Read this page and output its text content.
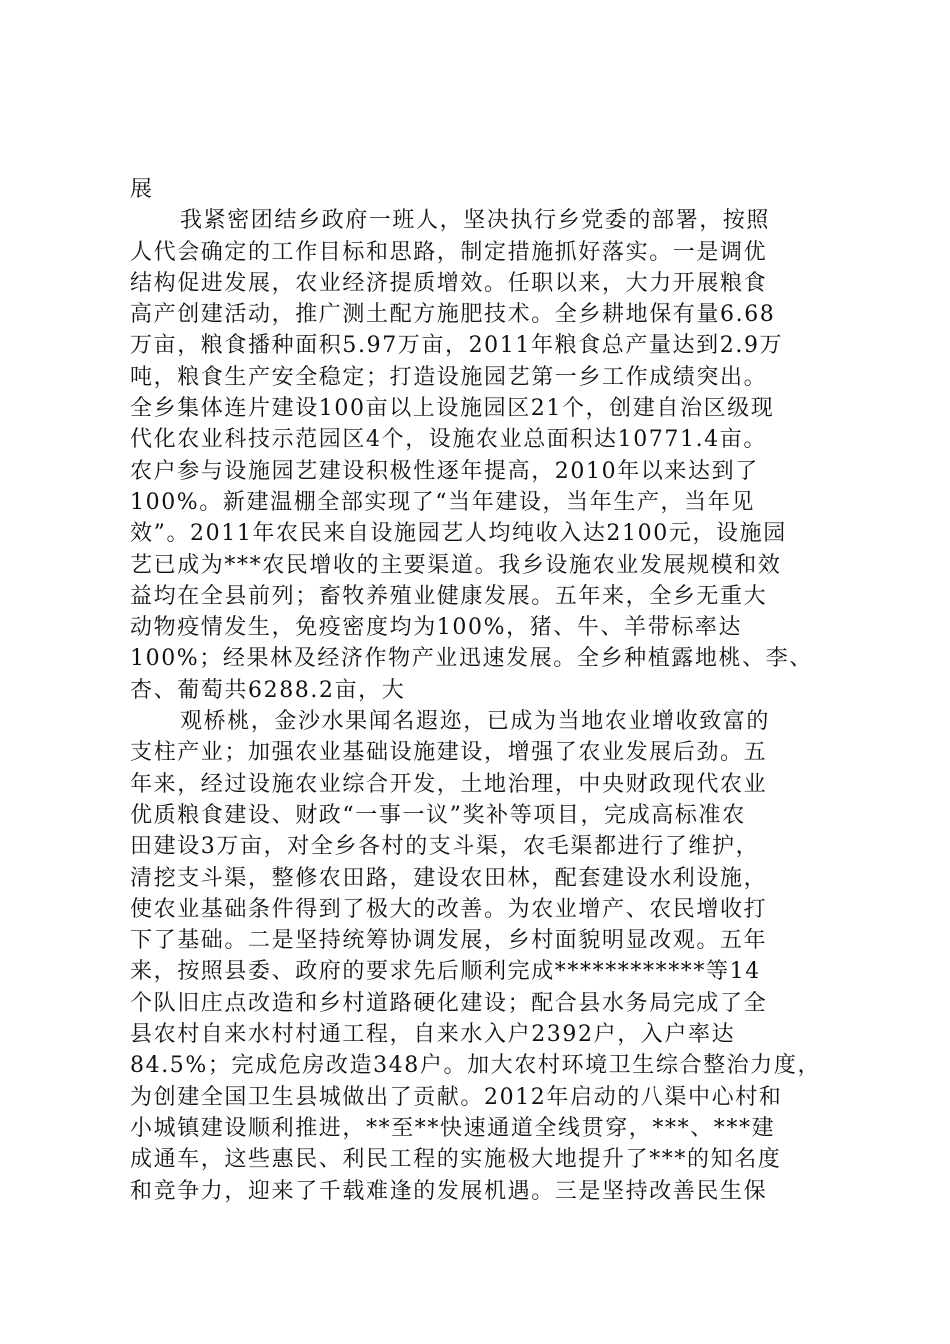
展
我紧密团结乡政府一班人，坚决执行乡党委的部署，按照
人代会确定的工作目标和思路，制定措施抓好落实。一是调优
结构促进发展，农业经济提质增效。任职以来，大力开展粮食
高产创建活动，推广测土配方施肥技术。全乡耕地保有量6.68
万亩，粮食播种面积5.97万亩，2011年粮食总产量达到2.9万
吨，粮食生产安全稳定；打造设施园艺第一乡工作成绩突出。
全乡集体连片建设100亩以上设施园区21个，创建自治区级现
代化农业科技示范园区4个，设施农业总面积达10771.4亩。
农户参与设施园艺建设积极性逐年提高，2010年以来达到了
100%。新建温棚全部实现了“当年建设，当年生产，当年见
效”。2011年农民来自设施园艺人均纯收入达2100元，设施园
艺已成为***农民增收的主要渠道。我乡设施农业发展规模和效
益均在全县前列；畜牧养殖业健康发展。五年来，全乡无重大
动物疫情发生，免疫密度均为100%，猪、牛、羊带标率达
100%；经果林及经济作物产业迅速发展。全乡种植露地桃、李、
杏、葡萄共6288.2亩，大
观桥桃，金沙水果闻名遐迩，已成为当地农业增收致富的
支柱产业；加强农业基础设施建设，增强了农业发展后劲。五
年来，经过设施农业综合开发，土地治理，中央财政现代农业
优质粮食建设、财政“一事一议”奖补等项目，完成高标准农
田建设3万亩，对全乡各村的支斗渠，农毛渠都进行了维护，
清挖支斗渠，整修农田路，建设农田林，配套建设水利设施，
使农业基础条件得到了极大的改善。为农业增产、农民增收打
下了基础。二是坚持统筹协调发展，乡村面貌明显改观。五年
来，按照县委、政府的要求先后顺利完成************等14
个队旧庄点改造和乡村道路硬化建设；配合县水务局完成了全
县农村自来水村村通工程，自来水入户2392户，入户率达
84.5%；完成危房改造348户。加大农村环境卫生综合整治力度，
为创建全国卫生县城做出了贡献。2012年启动的八渠中心村和
小城镇建设顺利推进，**至**快速通道全线贯穿，***、***建
成通车，这些惠民、利民工程的实施极大地提升了***的知名度
和竞争力，迎来了千载难逢的发展机遇。三是坚持改善民生保
